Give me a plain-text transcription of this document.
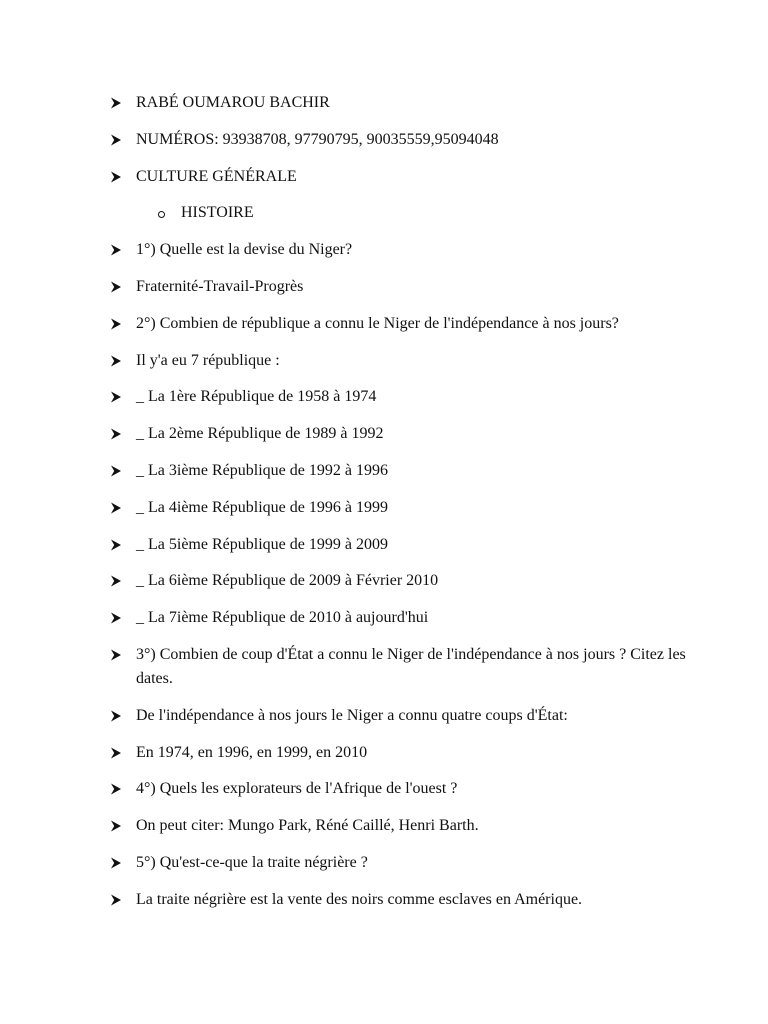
RABÉ OUMAROU BACHIR
NUMÉROS: 93938708, 97790795, 90035559,95094048
CULTURE GÉNÉRALE
HISTOIRE
1°) Quelle est la devise du Niger?
Fraternité-Travail-Progrès
2°) Combien de république a connu le Niger de l'indépendance à nos jours?
Il y'a eu 7 république :
_ La 1ère République de 1958 à 1974
_ La 2ème République de 1989 à 1992
_ La 3ième République de 1992 à 1996
_ La 4ième République de 1996 à 1999
_ La 5ième République de 1999 à 2009
_ La 6ième République de 2009 à Février 2010
_ La 7ième République de 2010 à aujourd'hui
3°) Combien de coup d'État a connu le Niger de l'indépendance à nos jours ? Citez les dates.
De l'indépendance à nos jours le Niger a connu quatre coups d'État:
En 1974, en 1996, en 1999, en 2010
4°) Quels les explorateurs de l'Afrique de l'ouest ?
On peut citer: Mungo Park, Réné Caillé, Henri Barth.
5°) Qu'est-ce-que la traite négrière ?
La traite négrière est la vente des noirs comme esclaves en Amérique.
